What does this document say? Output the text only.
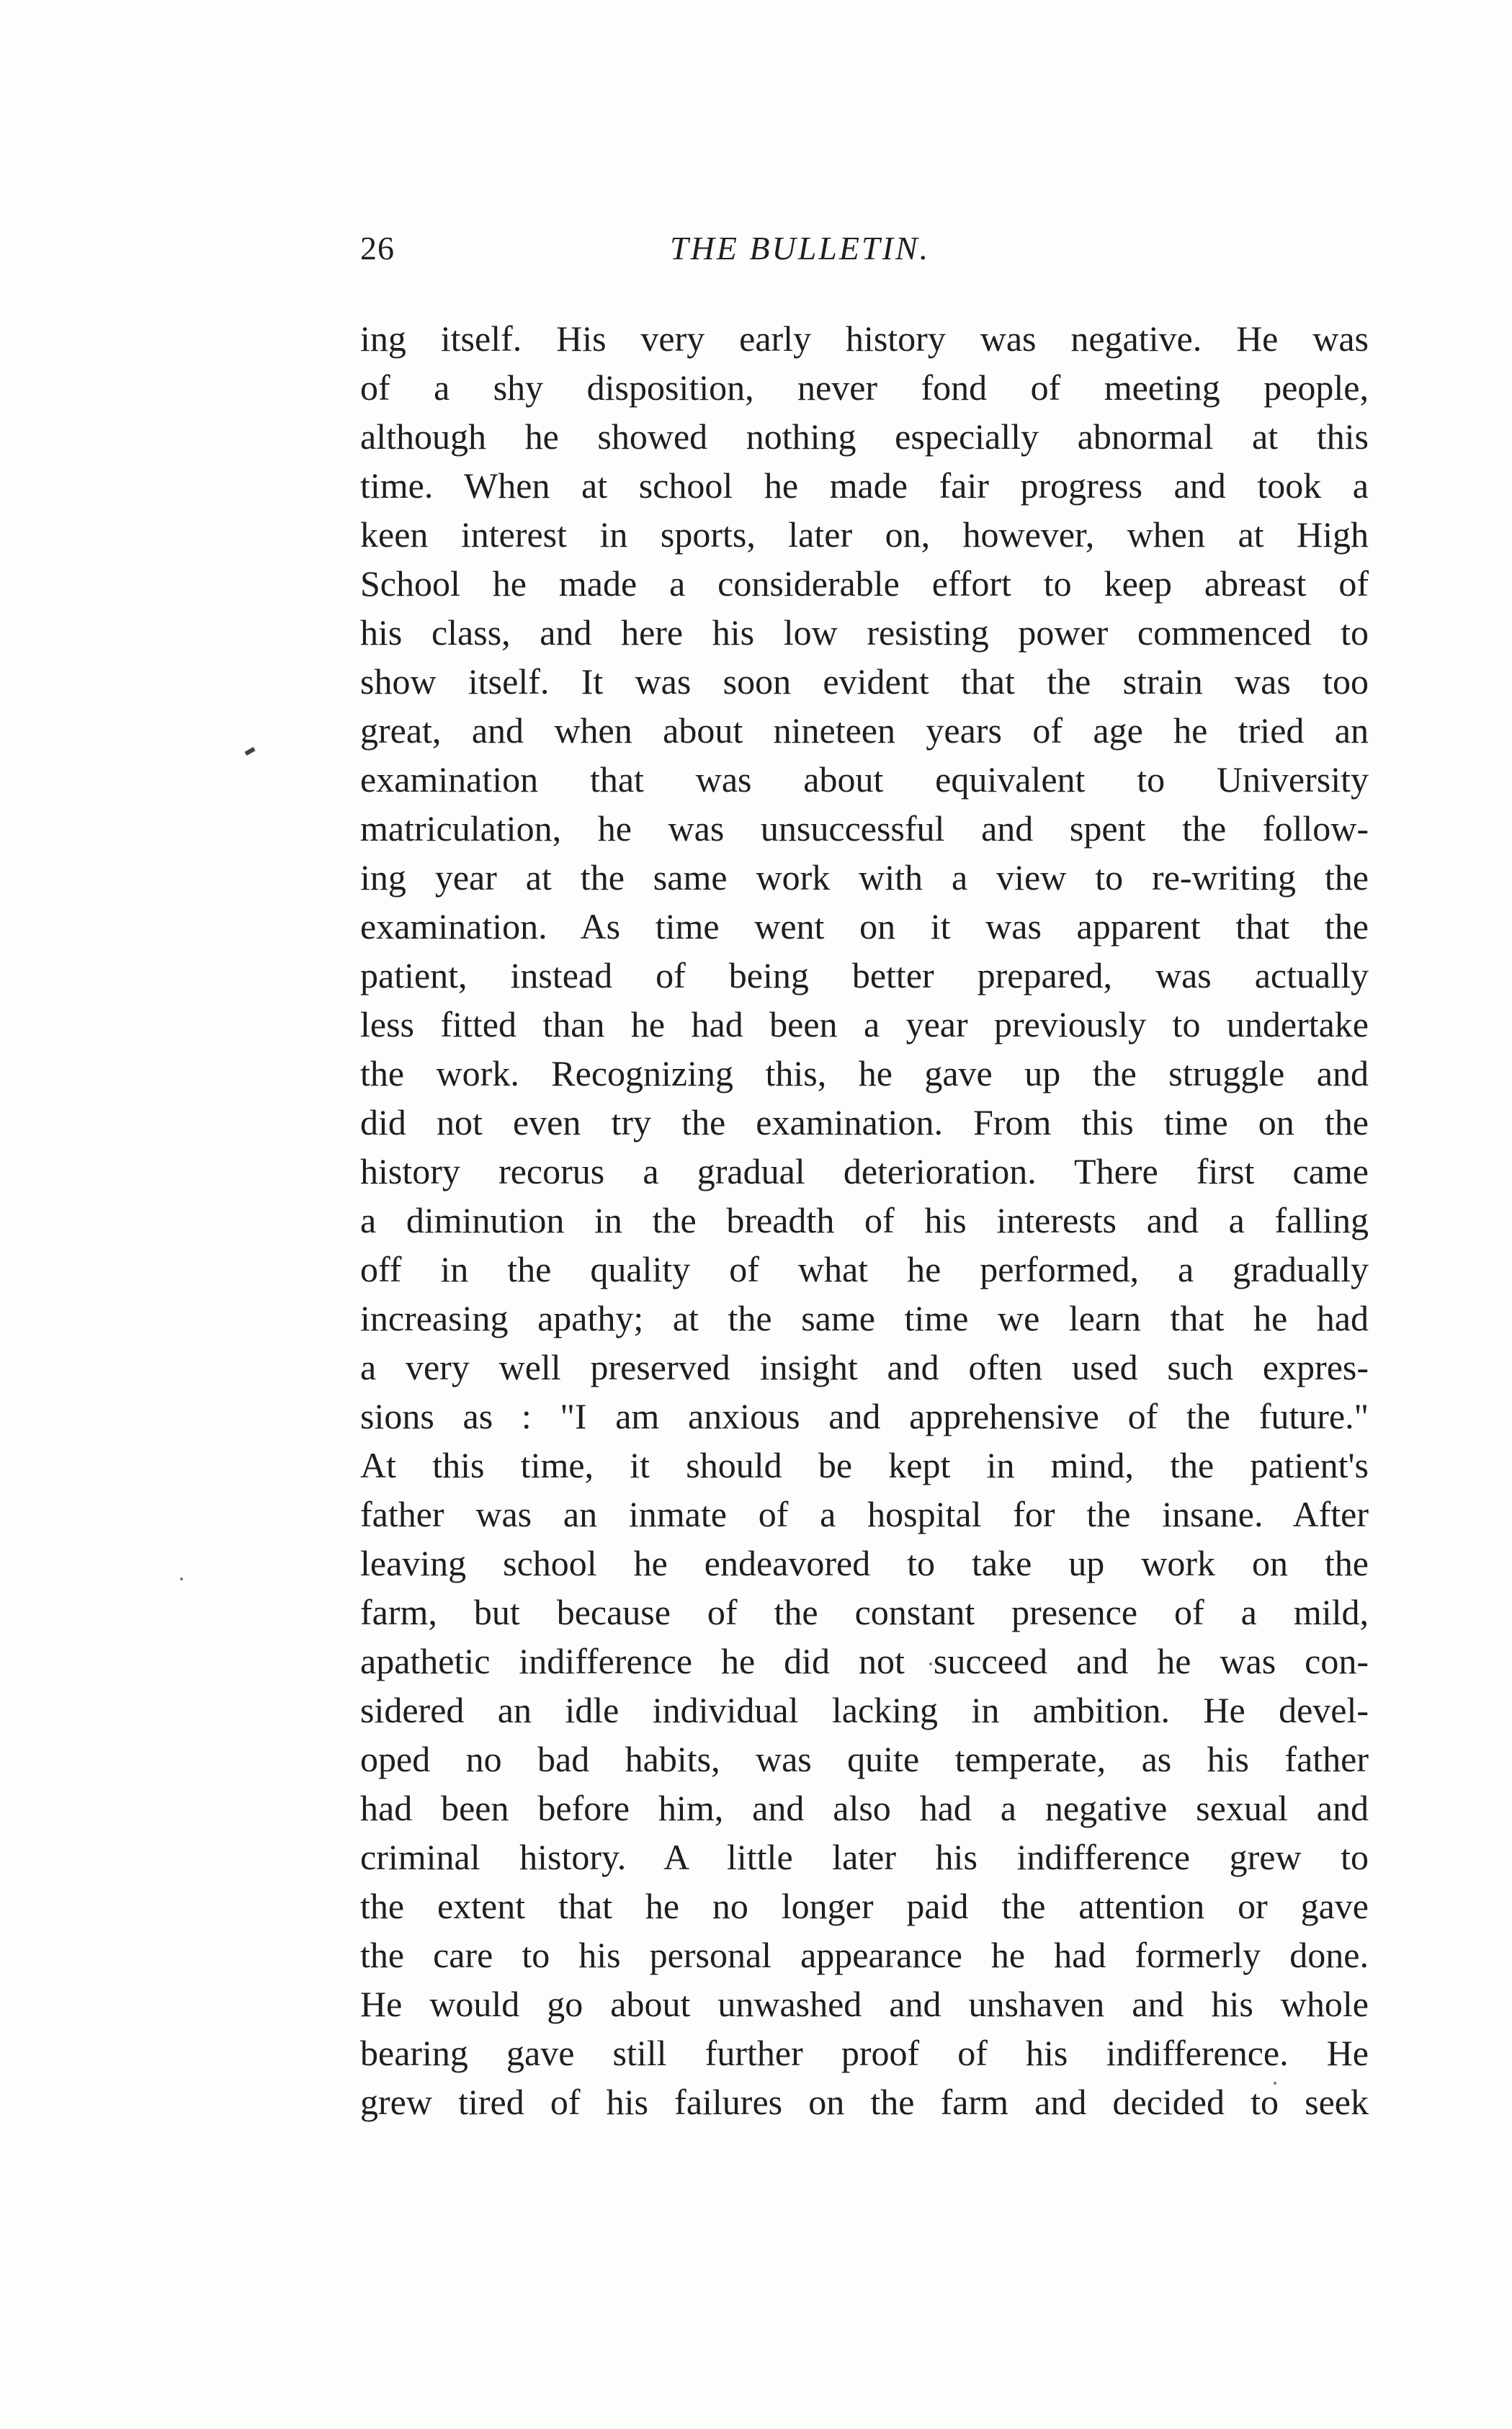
26	THE BULLETIN.
ing itself. His very early history was negative. He was
of a shy disposition, never fond of meeting people,
although he showed nothing especially abnormal at this
time. When at school he made fair progress and took a
keen interest in sports, later on, however, when at High
School he made a considerable effort to keep abreast of
his class, and here his low resisting power commenced to
show itself. It was soon evident that the strain was too
great, and when about nineteen years of age he tried an
examination that was about equivalent to University
matriculation, he was unsuccessful and spent the follow-
ing year at the same work with a view to re-writing the
examination. As time went on it was apparent that the
patient, instead of being better prepared, was actually
less fitted than he had been a year previously to undertake
the work. Recognizing this, he gave up the struggle and
did not even try the examination. From this time on the
history recorus a gradual deterioration. There first came
a diminution in the breadth of his interests and a falling
off in the quality of what he performed, a gradually
increasing apathy; at the same time we learn that he had
a very well preserved insight and often used such expres-
sions as : "I am anxious and apprehensive of the future."
At this time, it should be kept in mind, the patient's
father was an inmate of a hospital for the insane. After
leaving school he endeavored to take up work on the
farm, but because of the constant presence of a mild,
apathetic indifference he did not succeed and he was con-
sidered an idle individual lacking in ambition. He devel-
oped no bad habits, was quite temperate, as his father
had been before him, and also had a negative sexual and
criminal history. A little later his indifference grew to
the extent that he no longer paid the attention or gave
the care to his personal appearance he had formerly done.
He would go about unwashed and unshaven and his whole
bearing gave still further proof of his indifference. He
grew tired of his failures on the farm and decided to seek
